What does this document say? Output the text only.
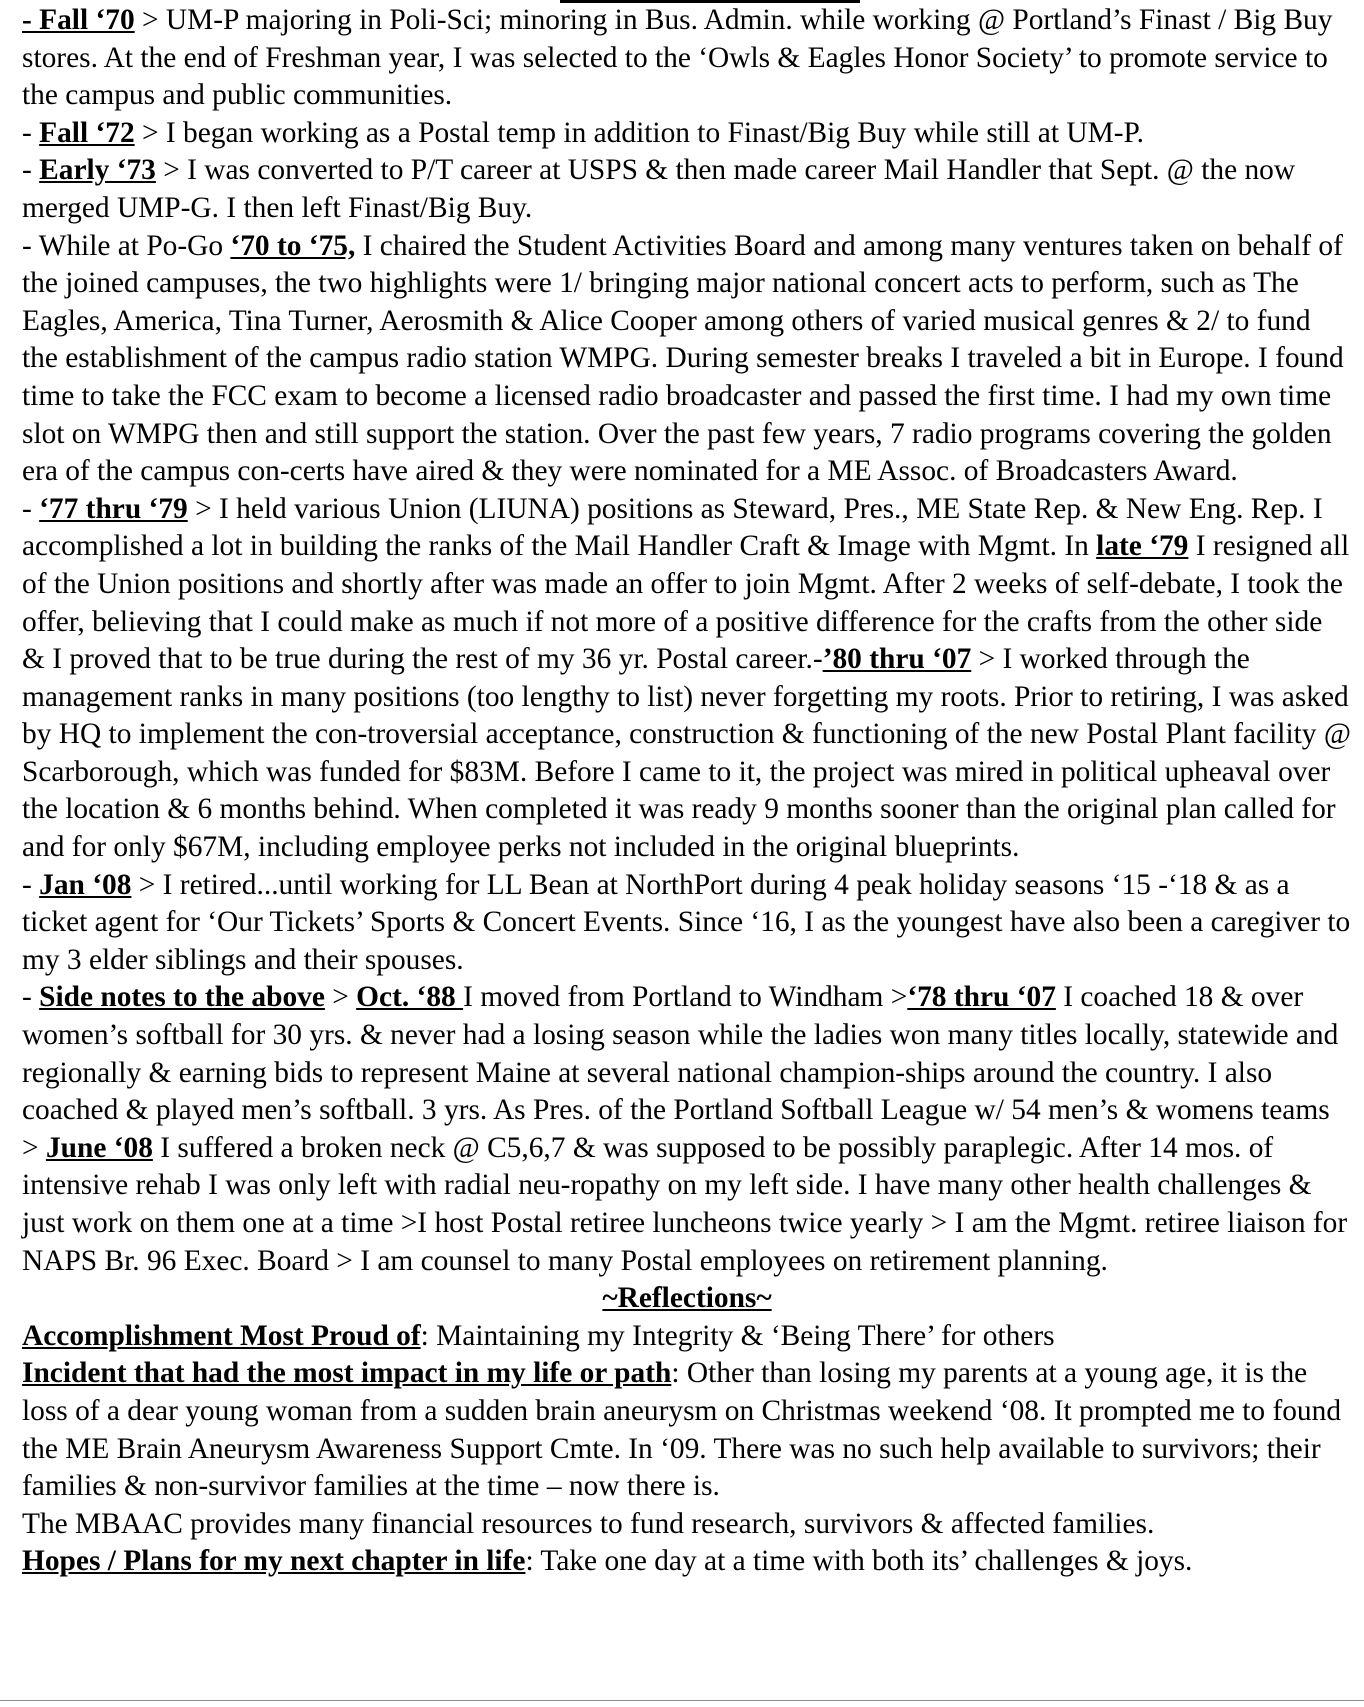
- Fall ‘70 > UM-P majoring in Poli-Sci; minoring in Bus. Admin. while working @ Portland’s Finast / Big Buy stores. At the end of Freshman year, I was selected to the ‘Owls & Eagles Honor Society’ to promote service to the campus and public communities.

- Fall ‘72 > I began working as a Postal temp in addition to Finast/Big Buy while still at UM-P.

- Early ‘73 > I was converted to P/T career at USPS & then made career Mail Handler that Sept. @ the now merged UMP-G. I then left Finast/Big Buy.

- While at Po-Go ‘70 to ‘75, I chaired the Student Activities Board and among many ventures taken on behalf of the joined campuses, the two highlights were 1/ bringing major national concert acts to perform, such as The Eagles, America, Tina Turner, Aerosmith & Alice Cooper among others of varied musical genres & 2/ to fund the establishment of the campus radio station WMPG. During semester breaks I traveled a bit in Europe. I found time to take the FCC exam to become a licensed radio broadcaster and passed the first time. I had my own time slot on WMPG then and still support the station. Over the past few years, 7 radio programs covering the golden era of the campus con-certs have aired & they were nominated for a ME Assoc. of Broadcasters Award.

- ‘77 thru ‘79 > I held various Union (LIUNA) positions as Steward, Pres., ME State Rep. & New Eng. Rep. I accomplished a lot in building the ranks of the Mail Handler Craft & Image with Mgmt. In late ‘79 I resigned all of the Union positions and shortly after was made an offer to join Mgmt. After 2 weeks of self-debate, I took the offer, believing that I could make as much if not more of a positive difference for the crafts from the other side & I proved that to be true during the rest of my 36 yr. Postal career.-’80 thru ‘07 > I worked through the management ranks in many positions (too lengthy to list) never forgetting my roots. Prior to retiring, I was asked by HQ to implement the con-troversial acceptance, construction & functioning of the new Postal Plant facility @ Scarborough, which was funded for $83M. Before I came to it, the project was mired in political upheaval over the location & 6 months behind. When completed it was ready 9 months sooner than the original plan called for and for only $67M, including employee perks not included in the original blueprints.

- Jan ‘08 > I retired...until working for LL Bean at NorthPort during 4 peak holiday seasons ‘15 -‘18 & as a ticket agent for ‘Our Tickets’ Sports & Concert Events. Since ‘16, I as the youngest have also been a caregiver to my 3 elder siblings and their spouses.

- Side notes to the above > Oct. ‘88 I moved from Portland to Windham >‘78 thru ‘07 I coached 18 & over women’s softball for 30 yrs. & never had a losing season while the ladies won many titles locally, statewide and regionally & earning bids to represent Maine at several national champion-ships around the country. I also coached & played men’s softball. 3 yrs. As Pres. of the Portland Softball League w/ 54 men’s & womens teams > June ‘08 I suffered a broken neck @ C5,6,7 & was supposed to be possibly paraplegic. After 14 mos. of intensive rehab I was only left with radial neu-ropathy on my left side. I have many other health challenges & just work on them one at a time >I host Postal retiree luncheons twice yearly > I am the Mgmt. retiree liaison for NAPS Br. 96 Exec. Board > I am counsel to many Postal employees on retirement planning.

~Reflections~

Accomplishment Most Proud of: Maintaining my Integrity & ‘Being There’ for others

Incident that had the most impact in my life or path: Other than losing my parents at a young age, it is the loss of a dear young woman from a sudden brain aneurysm on Christmas weekend ‘08. It prompted me to found the ME Brain Aneurysm Awareness Support Cmte. In ‘09. There was no such help available to survivors; their families & non-survivor families at the time – now there is.

The MBAAC provides many financial resources to fund research, survivors & affected families.

Hopes / Plans for my next chapter in life: Take one day at a time with both its’ challenges & joys.
